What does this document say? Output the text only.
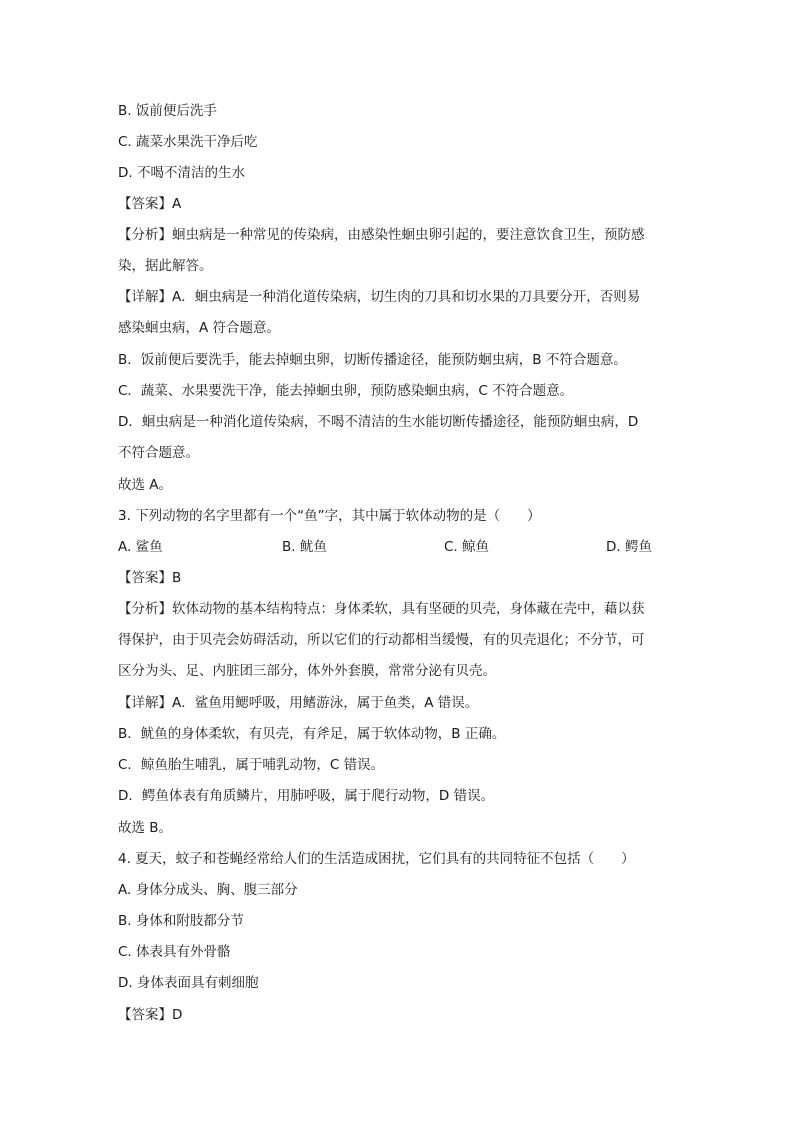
B. 饭前便后洗手

C. 蔬菜水果洗干净后吃

D. 不喝不清洁的生水

【答案】A

【分析】蛔虫病是一种常见的传染病，由感染性蛔虫卵引起的，要注意饮食卫生，预防感

染，据此解答。

【详解】A．蛔虫病是一种消化道传染病，切生肉的刀具和切水果的刀具要分开，否则易

感染蛔虫病，A 符合题意。

B．饭前便后要洗手，能去掉蛔虫卵，切断传播途径，能预防蛔虫病，B 不符合题意。

C．蔬菜、水果要洗干净，能去掉蛔虫卵，预防感染蛔虫病，C 不符合题意。

D．蛔虫病是一种消化道传染病，不喝不清洁的生水能切断传播途径，能预防蛔虫病，D

不符合题意。

故选 A。

3. 下列动物的名字里都有一个“鱼”字，其中属于软体动物的是（　　）

A. 鲨鱼	B. 鱿鱼	C. 鲸鱼	D. 鳄鱼

【答案】B

【分析】软体动物的基本结构特点：身体柔软，具有坚硬的贝壳，身体藏在壳中，藉以获

得保护，由于贝壳会妨碍活动，所以它们的行动都相当缓慢，有的贝壳退化；不分节，可

区分为头、足、内脏团三部分，体外外套膜，常常分泌有贝壳。

【详解】A．鲨鱼用鳃呼吸，用鳍游泳，属于鱼类，A 错误。

B．鱿鱼的身体柔软，有贝壳，有斧足，属于软体动物，B 正确。

C．鲸鱼胎生哺乳，属于哺乳动物，C 错误。

D．鳄鱼体表有角质鳞片，用肺呼吸，属于爬行动物，D 错误。

故选 B。

4. 夏天，蚊子和苍蝇经常给人们的生活造成困扰，它们具有的共同特征不包括（　　）

A. 身体分成头、胸、腹三部分

B. 身体和附肢都分节

C. 体表具有外骨骼

D. 身体表面具有刺细胞

【答案】D
